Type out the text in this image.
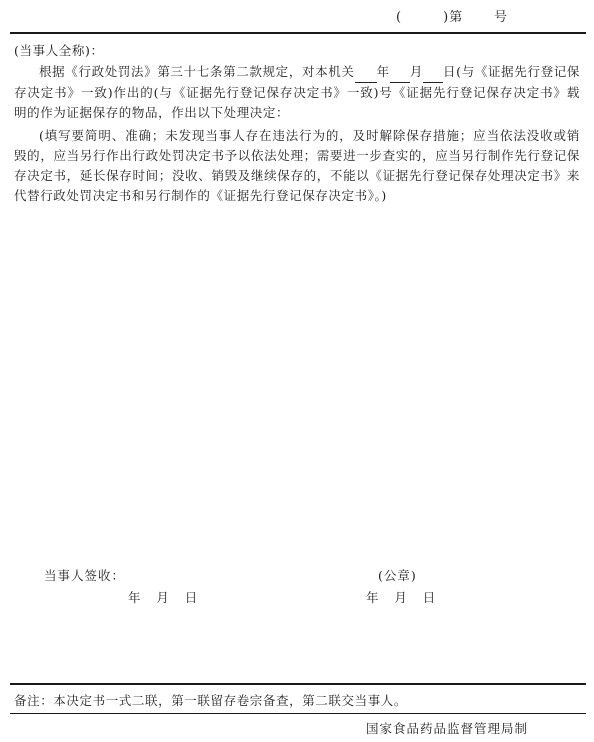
(        )第      号
(当事人全称)：

根据《行政处罚法》第三十七条第二款规定，对本机关 年 月 日(与《证据先行登记保存决定书》一致)作出的(与《证据先行登记保存决定书》一致)号《证据先行登记保存决定书》载明的作为证据保存的物品，作出以下处理决定：

(填写要简明、准确；未发现当事人存在违法行为的，及时解除保存措施；应当依法没收或销毁的，应当另行作出行政处罚决定书予以依法处理；需要进一步查实的，应当另行制作先行登记保存决定书，延长保存时间；没收、销毁及继续保存的，不能以《证据先行登记保存处理决定书》来代替行政处罚决定书和另行制作的《证据先行登记保存决定书》。)

当事人签收：	(公章)
年    月    日	年    月    日
备注：本决定书一式二联，第一联留存卷宗备查，第二联交当事人。
国家食品药品监督管理局制
